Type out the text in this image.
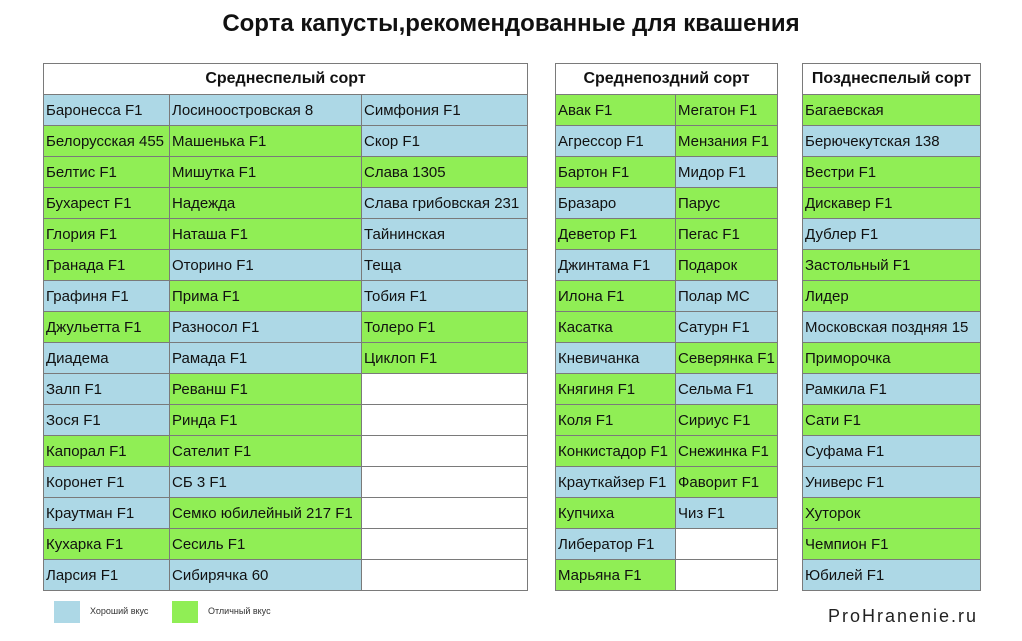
Сорта капусты,рекомендованные для квашения
Среднеспелый сорт		
Баронесса F1	Лосиноостровская 8	Симфония F1
Белорусская 455	Машенька F1	Скор F1
Белтис F1	Мишутка F1	Слава 1305
Бухарест F1	Надежда	Слава грибовская 231
Глория F1	Наташа F1	Тайнинская
Гранада F1	Оторино F1	Теща
Графиня F1	Прима F1	Тобия F1
Джульетта F1	Разносол F1	Толеро F1
Диадема	Рамада F1	Циклоп F1
Залп F1	Реванш F1	
Зося F1	Ринда F1	
Капорал F1	Сателит F1	
Коронет F1	СБ 3 F1	
Краутман F1	Семко юбилейный 217 F1	
Кухарка F1	Сесиль F1	
Ларсия F1	Сибирячка 60	
Среднепоздний сорт	
Авак F1	Мегатон F1
Агрессор F1	Мензания F1
Бартон F1	Мидор F1
Бразаро	Парус
Деветор F1	Пегас F1
Джинтама F1	Подарок
Илона F1	Полар МС
Касатка	Сатурн F1
Кневичанка	Северянка F1
Княгиня F1	Сельма F1
Коля F1	Сириус F1
Конкистадор F1	Снежинка F1
Крауткайзер F1	Фаворит F1
Купчиха	Чиз F1
Либератор F1	
Марьяна F1	
Позднеспелый сорт
Багаевская
Берючекутская 138
Вестри F1
Дискавер F1
Дублер F1
Застольный F1
Лидер
Московская поздняя 15
Приморочка
Рамкила F1
Сати F1
Суфама F1
Универс F1
Хуторок
Чемпион F1
Юбилей F1
Хороший вкус	Отличный вкус	ProHranenie.ru
